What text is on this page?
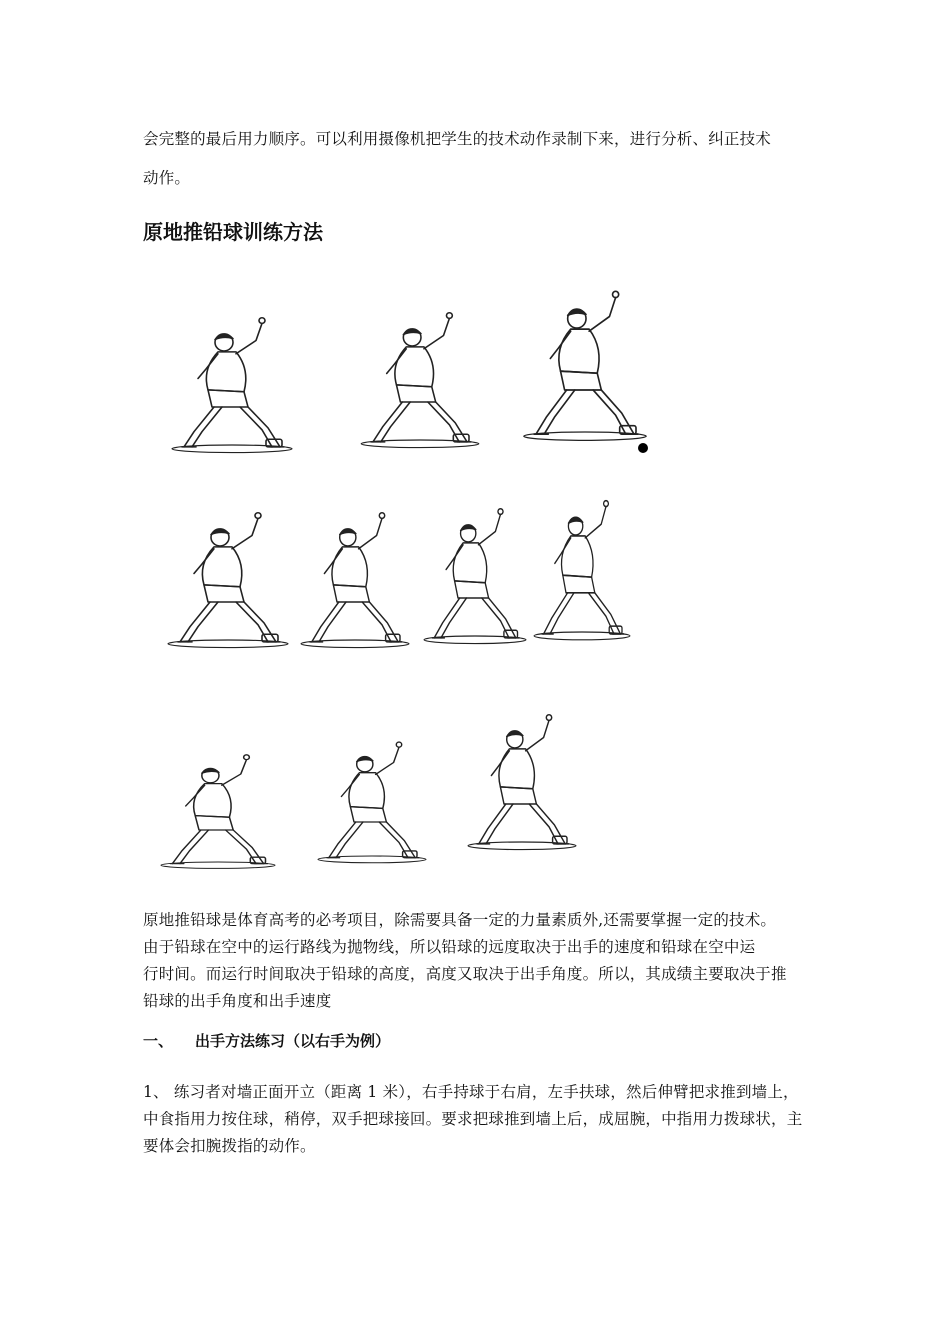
会完整的最后用力顺序。可以利用摄像机把学生的技术动作录制下来，进行分析、纠正技术
动作。
原地推铅球训练方法
原地推铅球是体育高考的必考项目，除需要具备一定的力量素质外,还需要掌握一定的技术。
由于铅球在空中的运行路线为抛物线，所以铅球的远度取决于出手的速度和铅球在空中运
行时间。而运行时间取决于铅球的高度，高度又取决于出手角度。所以，其成绩主要取决于推
铅球的出手角度和出手速度
一、 出手方法练习（以右手为例）
1、 练习者对墙正面开立（距离 1 米），右手持球于右肩，左手扶球，然后伸臂把求推到墙上，
中食指用力按住球，稍停，双手把球接回。要求把球推到墙上后，成屈腕，中指用力拨球状，主
要体会扣腕拨指的动作。
